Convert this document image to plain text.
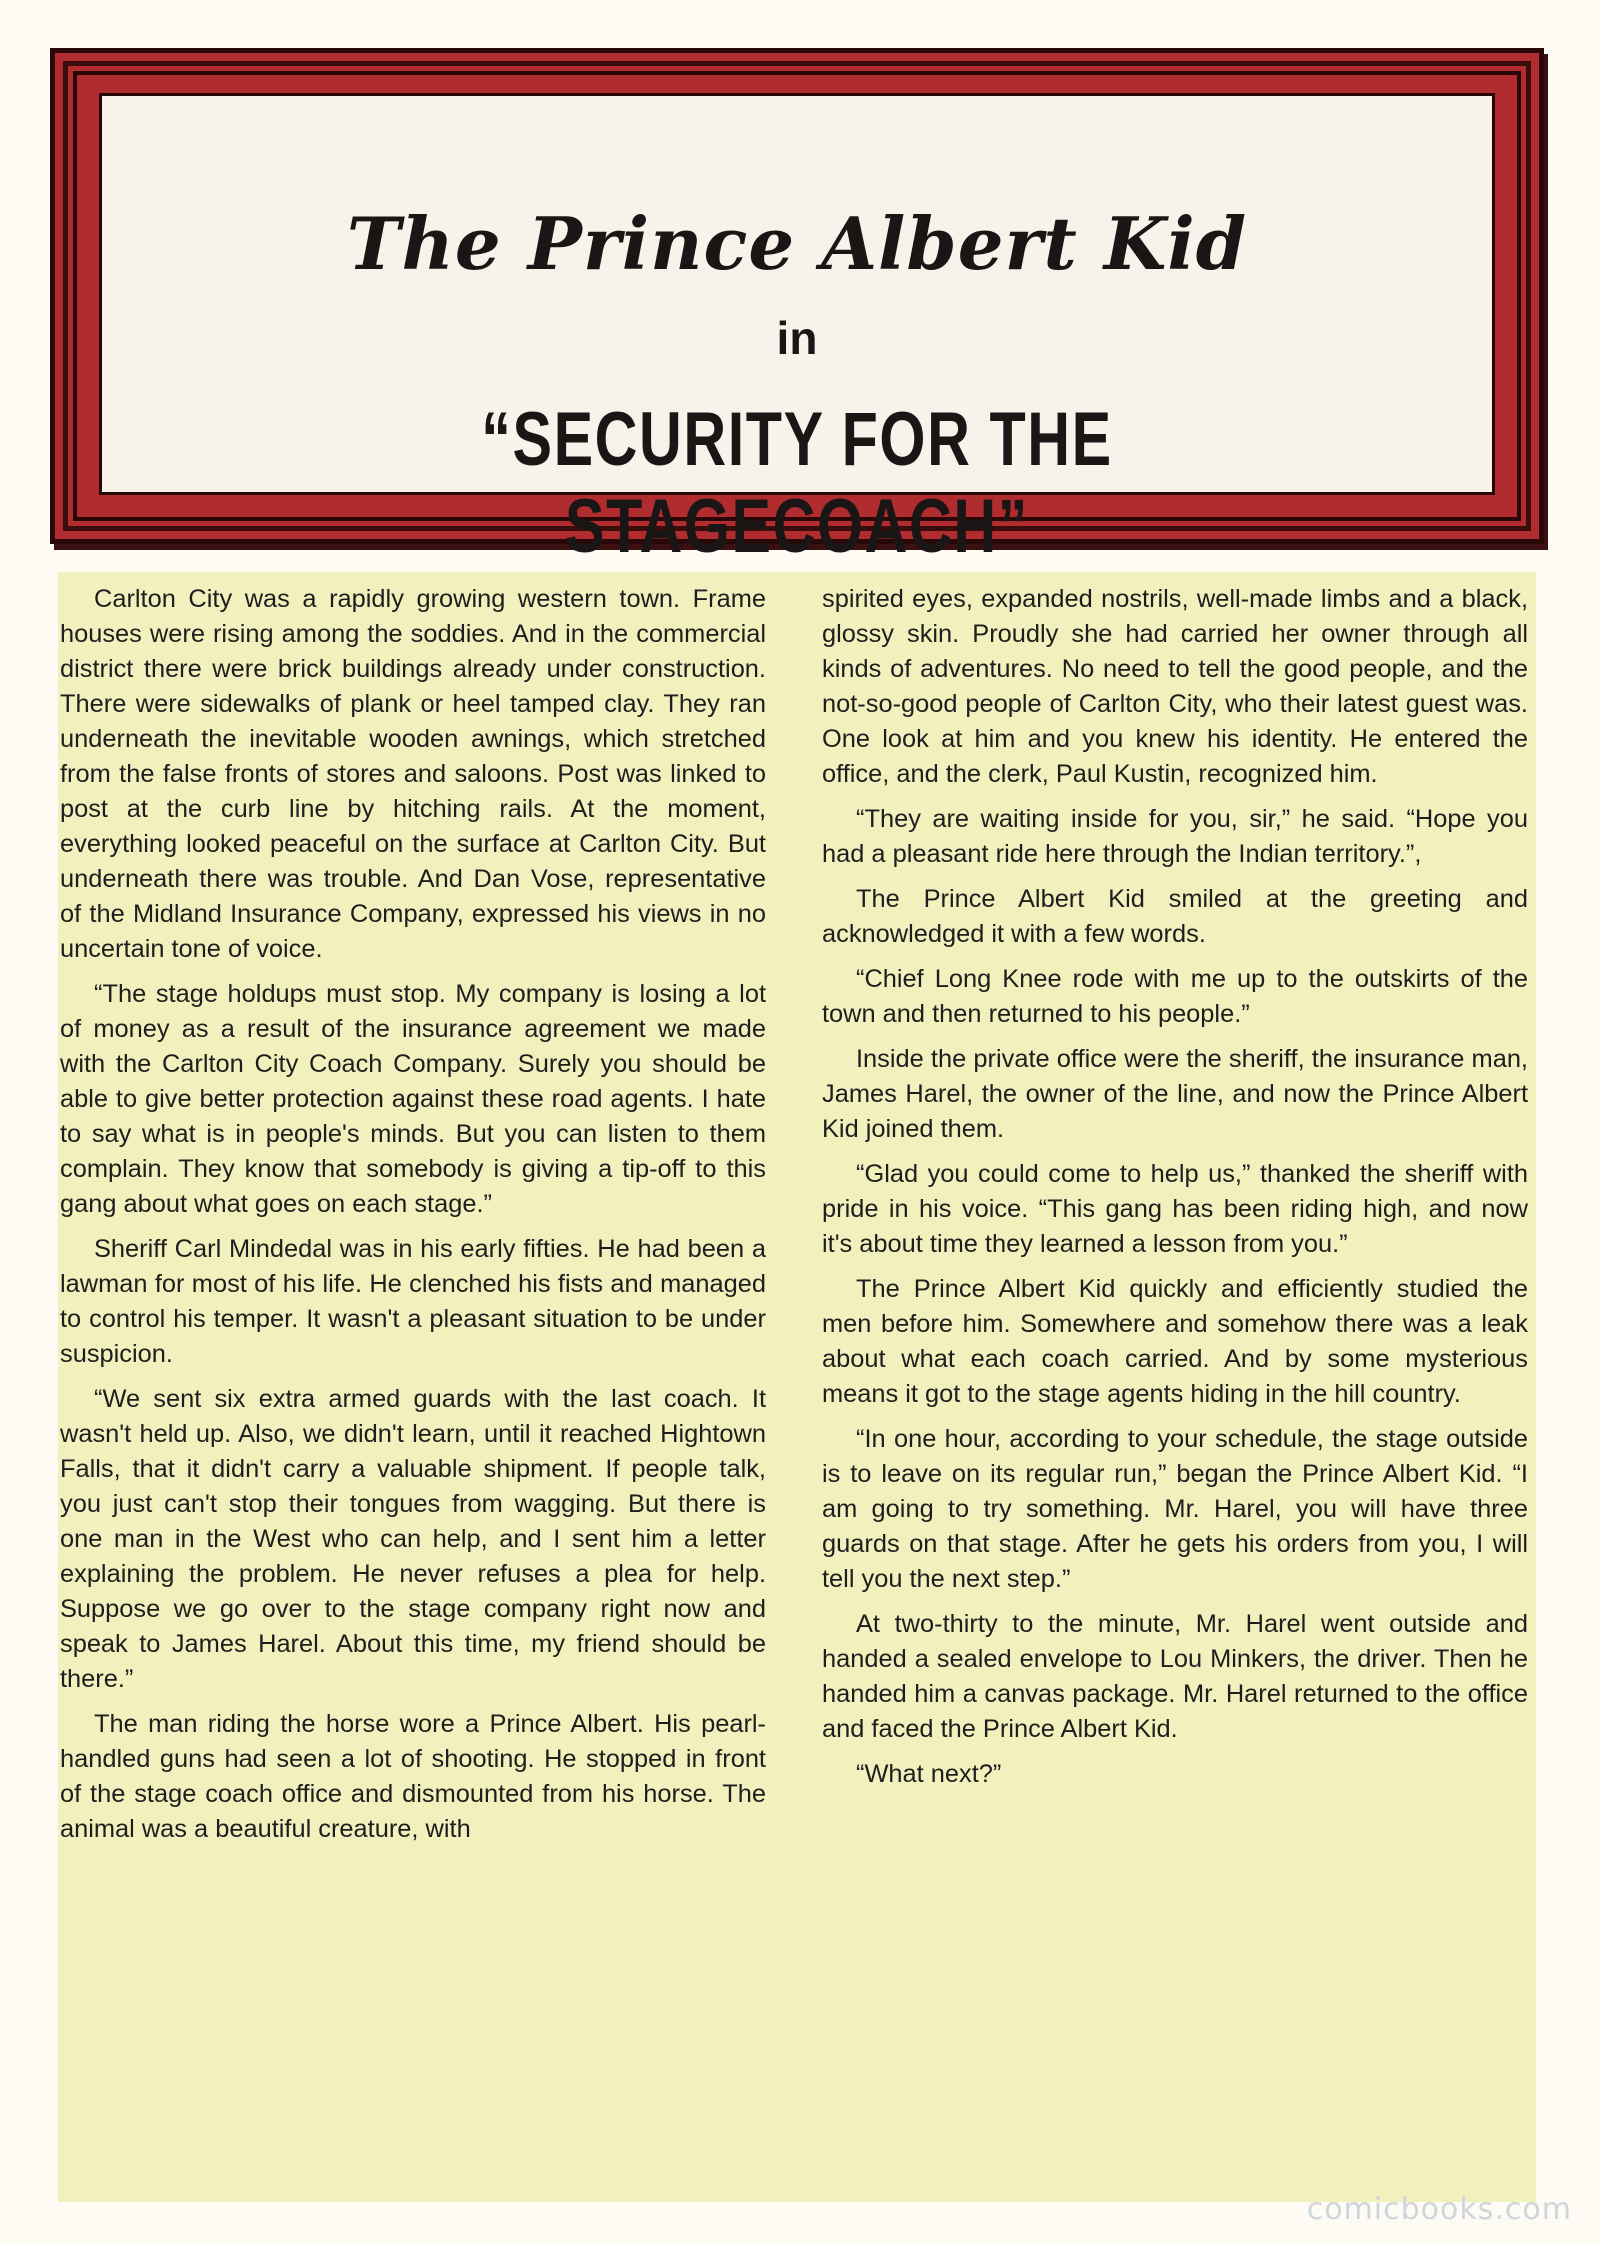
The Prince Albert Kid
in
“SECURITY FOR THE STAGECOACH”

Carlton City was a rapidly growing western town. Frame houses were rising among the soddies. And in the commercial district there were brick buildings already under construction. There were sidewalks of plank or heel tamped clay. They ran underneath the inevitable wooden awnings, which stretched from the false fronts of stores and saloons. Post was linked to post at the curb line by hitching rails. At the moment, everything looked peaceful on the surface at Carlton City. But underneath there was trouble. And Dan Vose, representative of the Midland Insurance Company, expressed his views in no uncertain tone of voice.

“The stage holdups must stop. My company is losing a lot of money as a result of the insurance agreement we made with the Carlton City Coach Company. Surely you should be able to give better protection against these road agents. I hate to say what is in people's minds. But you can listen to them complain. They know that somebody is giving a tip-off to this gang about what goes on each stage.”

Sheriff Carl Mindedal was in his early fifties. He had been a lawman for most of his life. He clenched his fists and managed to control his temper. It wasn't a pleasant situation to be under suspicion.

“We sent six extra armed guards with the last coach. It wasn't held up. Also, we didn't learn, until it reached Hightown Falls, that it didn't carry a valuable shipment. If people talk, you just can't stop their tongues from wagging. But there is one man in the West who can help, and I sent him a letter explaining the problem. He never refuses a plea for help. Suppose we go over to the stage company right now and speak to James Harel. About this time, my friend should be there.”

The man riding the horse wore a Prince Albert. His pearl-handled guns had seen a lot of shooting. He stopped in front of the stage coach office and dismounted from his horse. The animal was a beautiful creature, with

spirited eyes, expanded nostrils, well-made limbs and a black, glossy skin. Proudly she had carried her owner through all kinds of adventures. No need to tell the good people, and the not-so-good people of Carlton City, who their latest guest was. One look at him and you knew his identity. He entered the office, and the clerk, Paul Kustin, recognized him.

“They are waiting inside for you, sir,” he said. “Hope you had a pleasant ride here through the Indian territory.”,

The Prince Albert Kid smiled at the greeting and acknowledged it with a few words.

“Chief Long Knee rode with me up to the outskirts of the town and then returned to his people.”

Inside the private office were the sheriff, the insurance man, James Harel, the owner of the line, and now the Prince Albert Kid joined them.

“Glad you could come to help us,” thanked the sheriff with pride in his voice. “This gang has been riding high, and now it's about time they learned a lesson from you.”

The Prince Albert Kid quickly and efficiently studied the men before him. Somewhere and somehow there was a leak about what each coach carried. And by some mysterious means it got to the stage agents hiding in the hill country.

“In one hour, according to your schedule, the stage outside is to leave on its regular run,” began the Prince Albert Kid. “I am going to try something. Mr. Harel, you will have three guards on that stage. After he gets his orders from you, I will tell you the next step.”

At two-thirty to the minute, Mr. Harel went outside and handed a sealed envelope to Lou Minkers, the driver. Then he handed him a canvas package. Mr. Harel returned to the office and faced the Prince Albert Kid.

“What next?”

comicbooks.com
